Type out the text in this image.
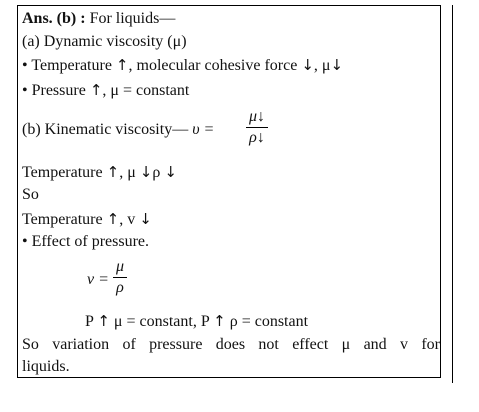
Ans. (b) : For liquids—
(a) Dynamic viscosity (μ)
• Temperature ↑, molecular cohesive force ↓, μ↓
• Pressure ↑, μ = constant
(b) Kinematic viscosity— $\upsilon = \frac{\mu↓}{\rho↓}$
Temperature ↑, μ ↓ρ ↓
So
Temperature ↑, v ↓
• Effect of pressure.
$\nu = \frac{\mu}{\rho}$
P ↑ μ = constant, P ↑ ρ = constant
So variation of pressure does not effect μ and v for
liquids.
